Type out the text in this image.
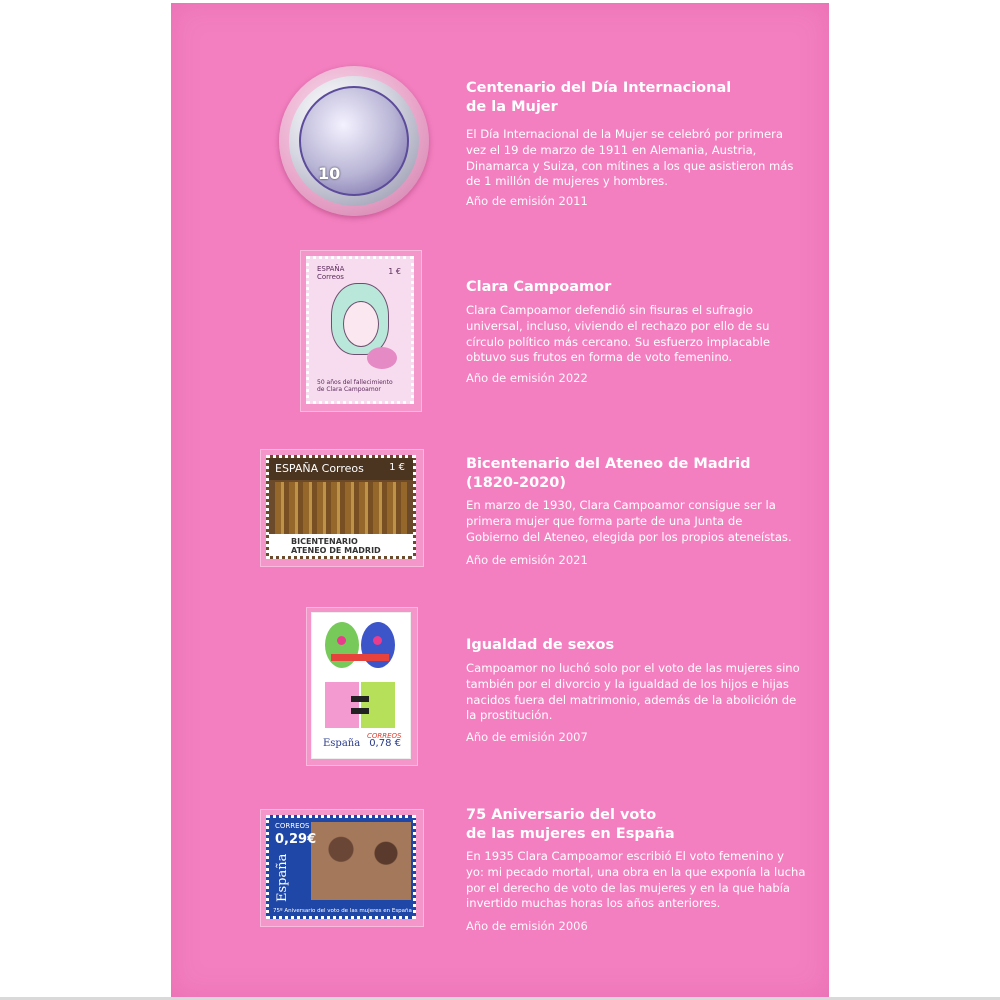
10
Centenario del Día Internacional
de la Mujer

El Día Internacional de la Mujer se celebró por primera
vez el 19 de marzo de 1911 en Alemania, Austria,
Dinamarca y Suiza, con mítines a los que asistieron más
de 1 millón de mujeres y hombres.

Año de emisión 2011
ESPAÑA
Correos
1 €
50 años del fallecimiento
de Clara Campoamor
Clara Campoamor

Clara Campoamor defendió sin fisuras el sufragio
universal, incluso, viviendo el rechazo por ello de su
círculo político más cercano. Su esfuerzo implacable
obtuvo sus frutos en forma de voto femenino.

Año de emisión 2022
ESPAÑA Correos	1 €
BICENTENARIO
ATENEO DE MADRID
Bicentenario del Ateneo de Madrid
(1820-2020)

En marzo de 1930, Clara Campoamor consigue ser la
primera mujer que forma parte de una Junta de
Gobierno del Ateneo, elegida por los propios ateneístas.

Año de emisión 2021
CORREOS
España 0,78 €
Igualdad de sexos

Campoamor no luchó solo por el voto de las mujeres sino
también por el divorcio y la igualdad de los hijos e hijas
nacidos fuera del matrimonio, además de la abolición de
la prostitución.

Año de emisión 2007
CORREOS
0,29€
España
75º Aniversario del voto de las mujeres en España
75 Aniversario del voto
de las mujeres en España

En 1935 Clara Campoamor escribió El voto femenino y
yo: mi pecado mortal, una obra en la que exponía la lucha
por el derecho de voto de las mujeres y en la que había
invertido muchas horas los años anteriores.

Año de emisión 2006
